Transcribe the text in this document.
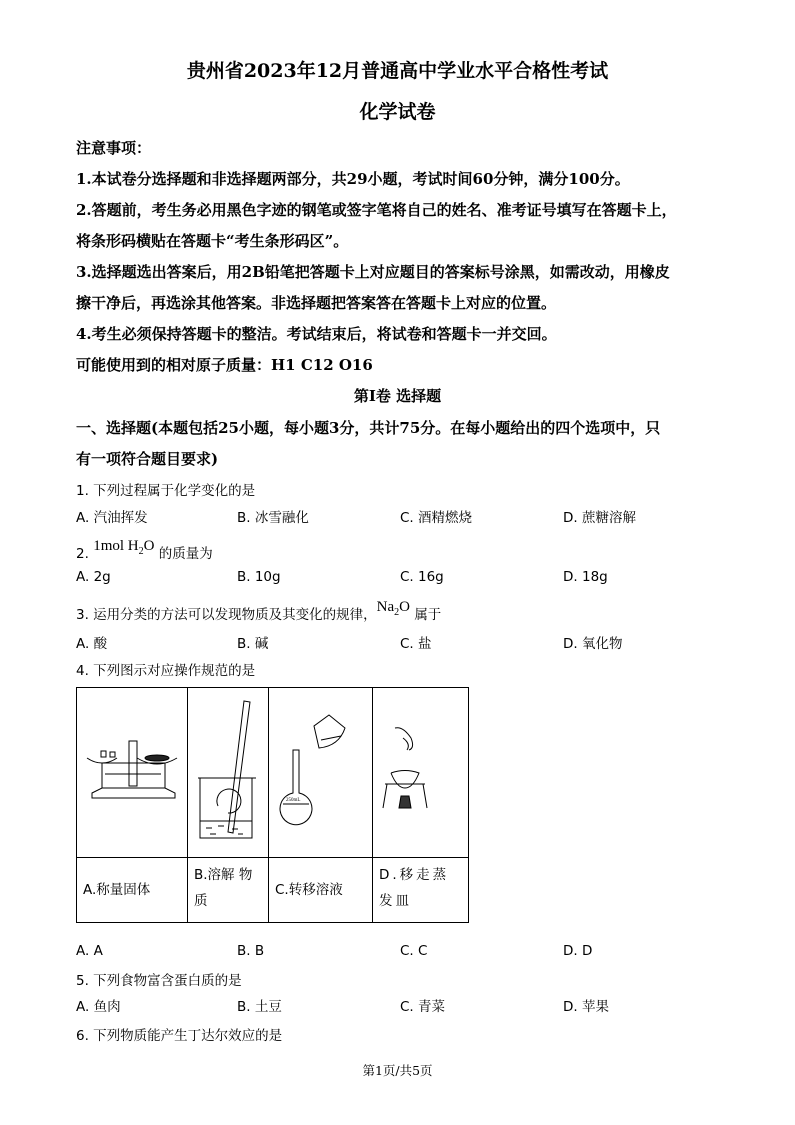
贵州省2023年12月普通高中学业水平合格性考试
化学试卷
注意事项：
1.本试卷分选择题和非选择题两部分，共29小题，考试时间60分钟，满分100分。
2.答题前，考生务必用黑色字迹的钢笔或签字笔将自己的姓名、准考证号填写在答题卡上，
将条形码横贴在答题卡“考生条形码区”。
3.选择题选出答案后，用2B铅笔把答题卡上对应题目的答案标号涂黑，如需改动，用橡皮
擦干净后，再选涂其他答案。非选择题把答案答在答题卡上对应的位置。
4.考生必须保持答题卡的整洁。考试结束后，将试卷和答题卡一并交回。
可能使用到的相对原子质量：H1 C12 O16
第Ⅰ卷 选择题
一、选择题(本题包括25小题，每小题3分，共计75分。在每小题给出的四个选项中，只
有一项符合题目要求)
1. 下列过程属于化学变化的是
A. 汽油挥发	B. 冰雪融化	C. 酒精燃烧	D. 蔗糖溶解
2. 1mol $H_2O$ 的质量为
A. 2g	B. 10g	C. 16g	D. 18g
3. 运用分类的方法可以发现物质及其变化的规律，$Na_2O$ 属于
A. 酸	B. 碱	C. 盐	D. 氧化物
4. 下列图示对应操作规范的是

250mL

A.称量固体	B.溶解 物质	C.转移溶液	D.移走蒸发皿
A. A	B. B	C. C	D. D
5. 下列食物富含蛋白质的是
A. 鱼肉	B. 土豆	C. 青菜	D. 苹果
6. 下列物质能产生丁达尔效应的是
第1页/共5页
